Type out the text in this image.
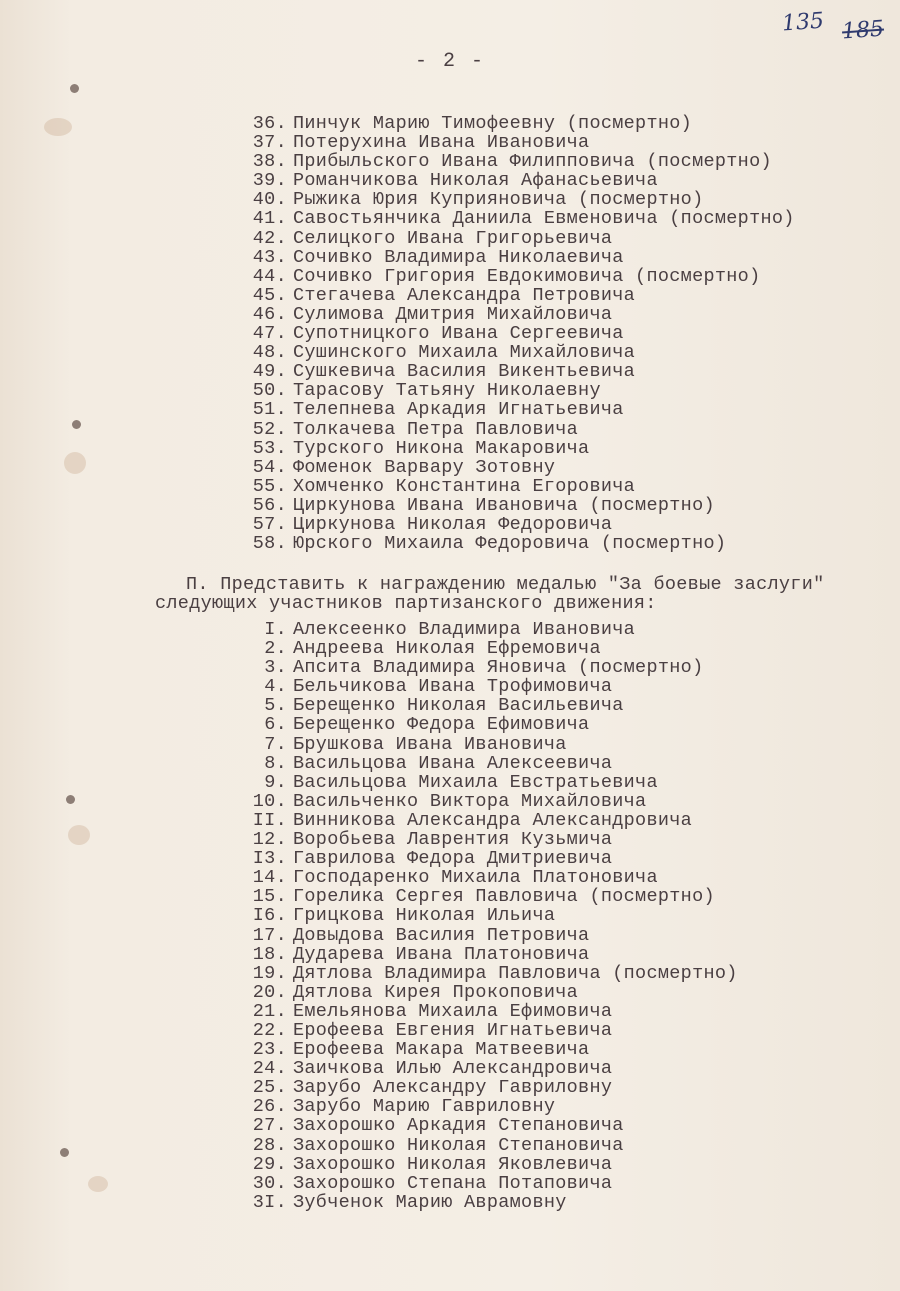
135 185
- 2 -
36. Пинчук Марию Тимофеевну (посмертно)
37. Потерухина Ивана Ивановича
38. Прибыльского Ивана Филипповича (посмертно)
39. Романчикова Николая Афанасьевича
40. Рыжика Юрия Куприяновича (посмертно)
41. Савостьянчика Даниила Евменовича (посмертно)
42. Селицкого Ивана Григорьевича
43. Сочивко Владимира Николаевича
44. Сочивко Григория Евдокимовича (посмертно)
45. Стегачева Александра Петровича
46. Сулимова Дмитрия Михайловича
47. Супотницкого Ивана Сергеевича
48. Сушинского Михаила Михайловича
49. Сушкевича Василия Викентьевича
50. Тарасову Татьяну Николаевну
51. Телепнева Аркадия Игнатьевича
52. Толкачева Петра Павловича
53. Турского Никона Макаровича
54. Фоменок Варвару Зотовну
55. Хомченко Константина Егоровича
56. Циркунова Ивана Ивановича (посмертно)
57. Циркунова Николая Федоровича
58. Юрского Михаила Федоровича (посмертно)
П. Представить к награждению медалью "За боевые заслуги"
следующих участников партизанского движения:
I. Алексеенко Владимира Ивановича
2. Андреева Николая Ефремовича
3. Апсита Владимира Яновича (посмертно)
4. Бельчикова Ивана Трофимовича
5. Берещенко Николая Васильевича
6. Берещенко Федора Ефимовича
7. Брушкова Ивана Ивановича
8. Васильцова Ивана Алексеевича
9. Васильцова Михаила Евстратьевича
10. Васильченко Виктора Михайловича
II. Винникова Александра Александровича
12. Воробьева Лаврентия Кузьмича
I3. Гаврилова Федора Дмитриевича
14. Господаренко Михаила Платоновича
15. Горелика Сергея Павловича (посмертно)
I6. Грицкова Николая Ильича
17. Довыдова Василия Петровича
18. Дударева Ивана Платоновича
19. Дятлова Владимира Павловича (посмертно)
20. Дятлова Кирея Прокоповича
21. Емельянова Михаила Ефимовича
22. Ерофеева Евгения Игнатьевича
23. Ерофеева Макара Матвеевича
24. Заичкова Илью Александровича
25. Зарубо Александру Гавриловну
26. Зарубо Марию Гавриловну
27. Захорошко Аркадия Степановича
28. Захорошко Николая Степановича
29. Захорошко Николая Яковлевича
30. Захорошко Степана Потаповича
3I. Зубченок Марию Аврамовну
